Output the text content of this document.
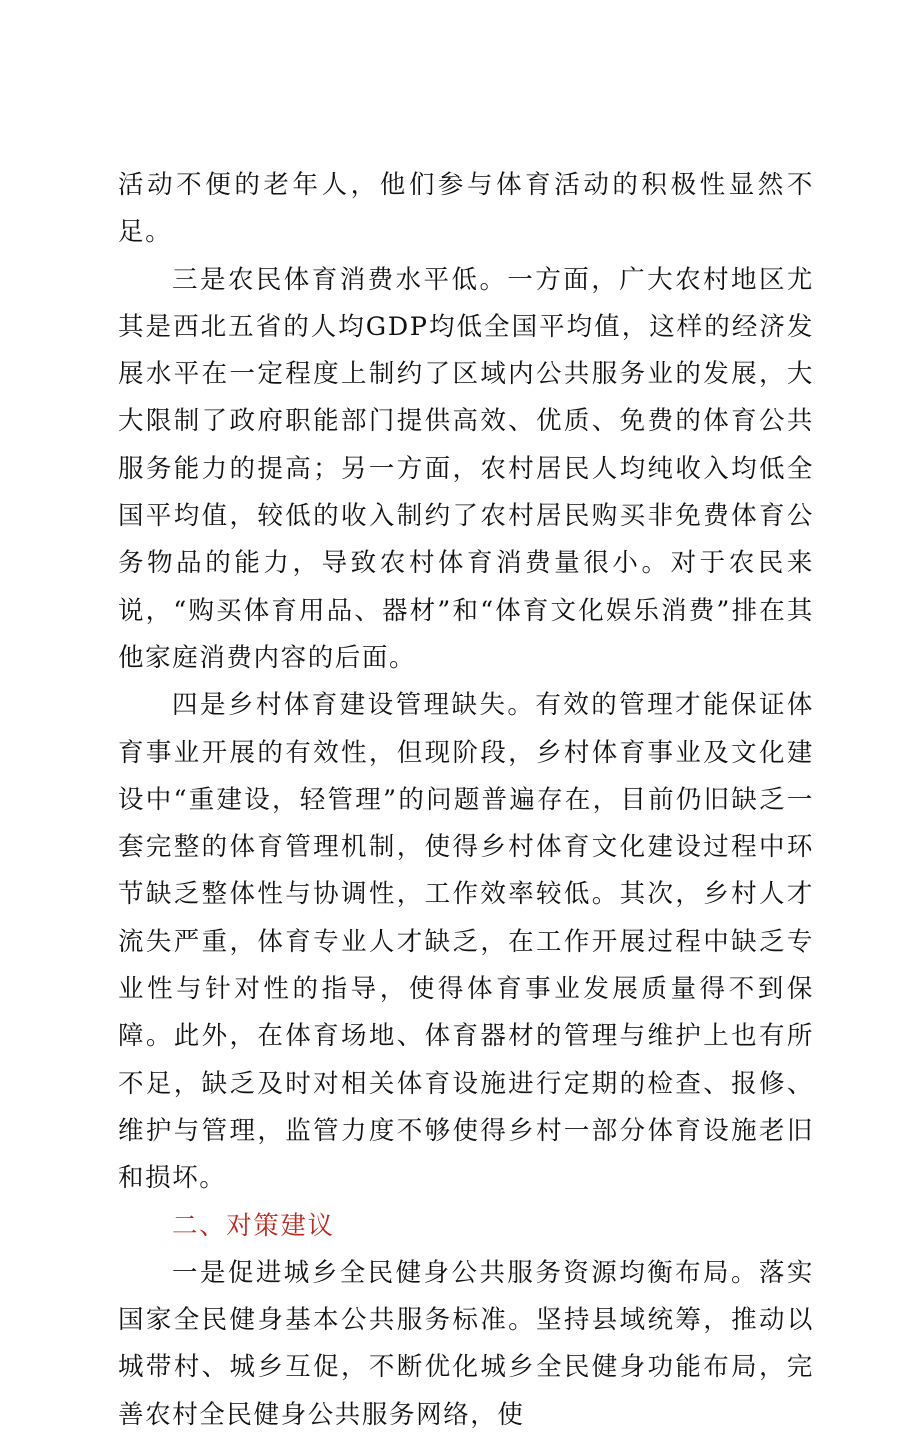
活动不便的老年人，他们参与体育活动的积极性显然不足。

三是农民体育消费水平低。一方面，广大农村地区尤其是西北五省的人均GDP均低全国平均值，这样的经济发展水平在一定程度上制约了区域内公共服务业的发展，大大限制了政府职能部门提供高效、优质、免费的体育公共服务能力的提高；另一方面，农村居民人均纯收入均低全国平均值，较低的收入制约了农村居民购买非免费体育公务物品的能力，导致农村体育消费量很小。对于农民来说，“购买体育用品、器材”和“体育文化娱乐消费”排在其他家庭消费内容的后面。

四是乡村体育建设管理缺失。有效的管理才能保证体育事业开展的有效性，但现阶段，乡村体育事业及文化建设中“重建设，轻管理”的问题普遍存在，目前仍旧缺乏一套完整的体育管理机制，使得乡村体育文化建设过程中环节缺乏整体性与协调性，工作效率较低。其次，乡村人才流失严重，体育专业人才缺乏，在工作开展过程中缺乏专业性与针对性的指导，使得体育事业发展质量得不到保障。此外，在体育场地、体育器材的管理与维护上也有所不足，缺乏及时对相关体育设施进行定期的检查、报修、维护与管理，监管力度不够使得乡村一部分体育设施老旧和损坏。

二、对策建议

一是促进城乡全民健身公共服务资源均衡布局。落实国家全民健身基本公共服务标准。坚持县域统筹，推动以城带村、城乡互促，不断优化城乡全民健身功能布局，完善农村全民健身公共服务网络，使
